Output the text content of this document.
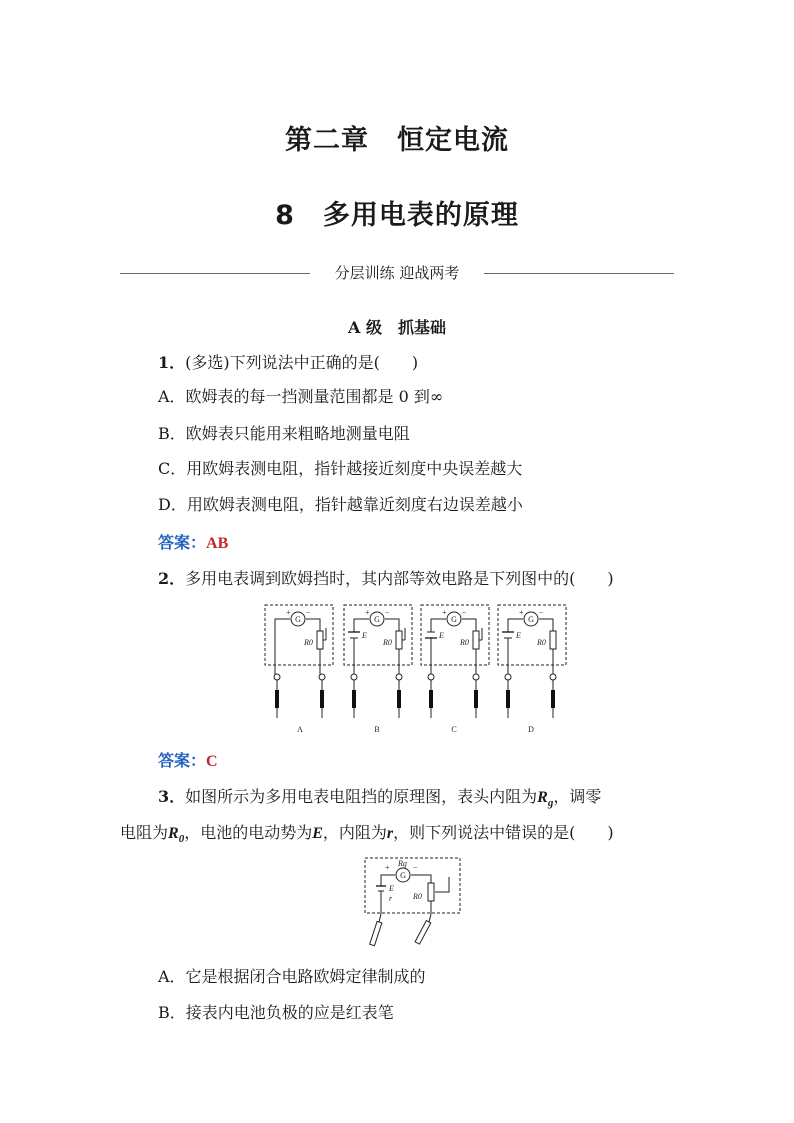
第二章　恒定电流
8　多用电表的原理
分层训练 迎战两考
A 级　抓基础
1．(多选)下列说法中正确的是(　　)
A．欧姆表的每一挡测量范围都是 0 到∞
B．欧姆表只能用来粗略地测量电阻
C．用欧姆表测电阻，指针越接近刻度中央误差越大
D．用欧姆表测电阻，指针越靠近刻度右边误差越小
答案：AB
2．多用电表调到欧姆挡时，其内部等效电路是下列图中的(　　)
G	G	G	G
+ −	+ −	+ −	+ −
R0	R0	R0	R0
E	E	E
A	B	C	D
答案：C
3．如图所示为多用电表电阻挡的原理图，表头内阻为$R_g$，调零
电阻为$R_0$，电池的电动势为E，内阻为r，则下列说法中错误的是(　　)
Rg
G
E
r	R0
+	−
A．它是根据闭合电路欧姆定律制成的
B．接表内电池负极的应是红表笔
